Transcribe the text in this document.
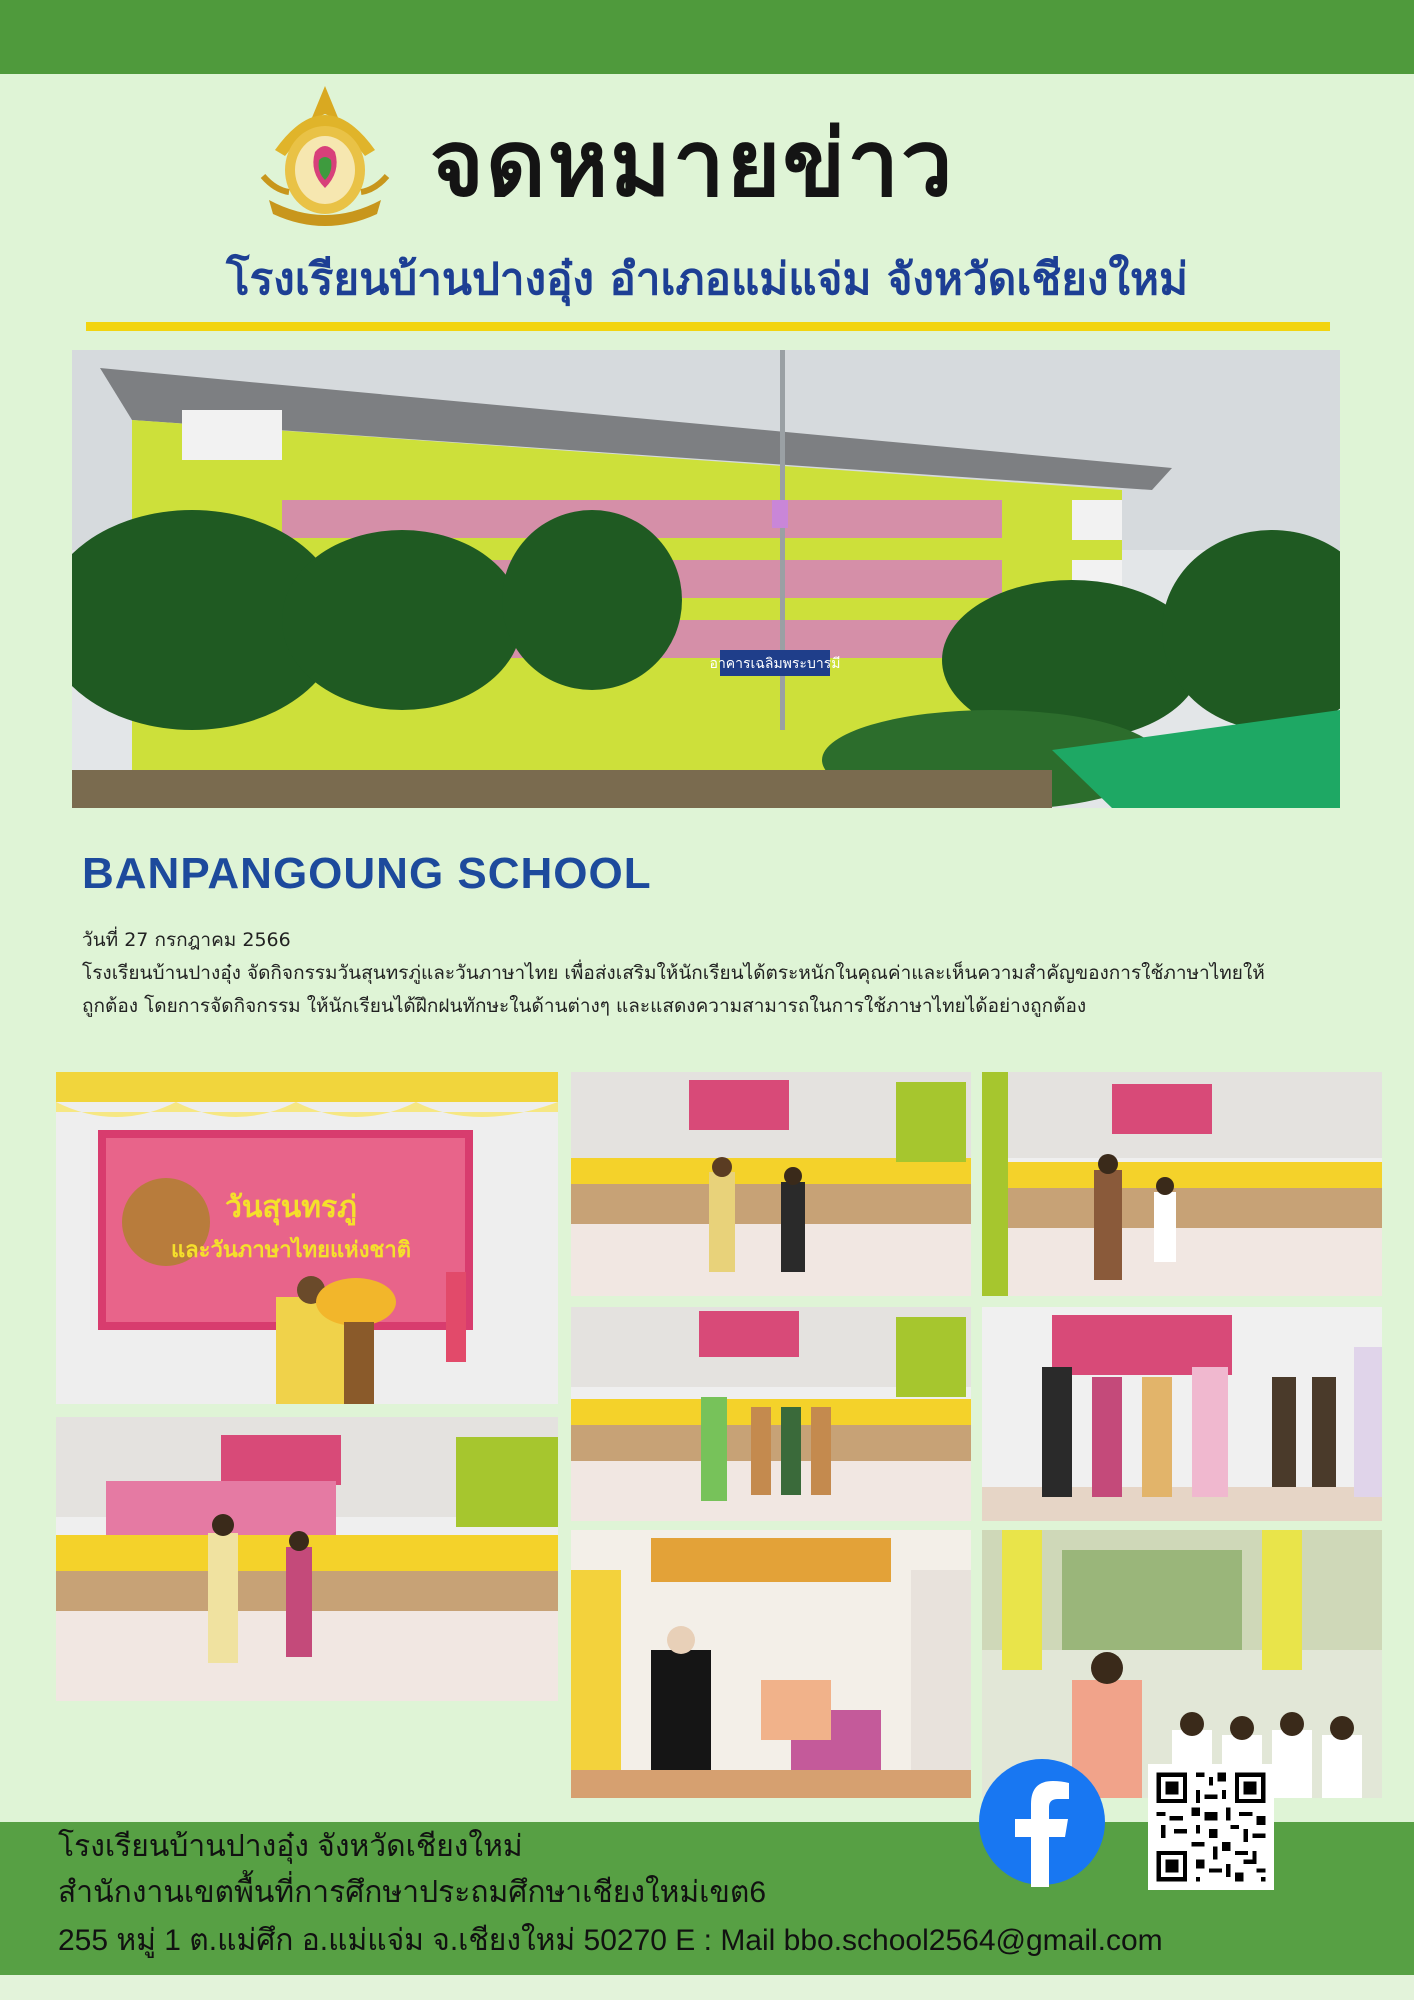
จดหมายข่าว
โรงเรียนบ้านปางอุ๋ง อำเภอแม่แจ่ม จังหวัดเชียงใหม่
อาคารเฉลิมพระบารมี
BANPANGOUNG SCHOOL
วันที่ 27 กรกฎาคม 2566
โรงเรียนบ้านปางอุ๋ง จัดกิจกรรมวันสุนทรภู่และวันภาษาไทย เพื่อส่งเสริมให้นักเรียนได้ตระหนักในคุณค่าและเห็นความสำคัญของการใช้ภาษาไทยให้ถูกต้อง โดยการจัดกิจกรรม ให้นักเรียนได้ฝึกฝนทักษะในด้านต่างๆ และแสดงความสามารถในการใช้ภาษาไทยได้อย่างถูกต้อง
วันสุนทรภู่
และวันภาษาไทยแห่งชาติ
โรงเรียนบ้านปางอุ๋ง จังหวัดเชียงใหม่
สำนักงานเขตพื้นที่การศึกษาประถมศึกษาเชียงใหม่เขต6
255 หมู่ 1 ต.แม่ศึก อ.แม่แจ่ม จ.เชียงใหม่ 50270 E : Mail bbo.school2564@gmail.com
